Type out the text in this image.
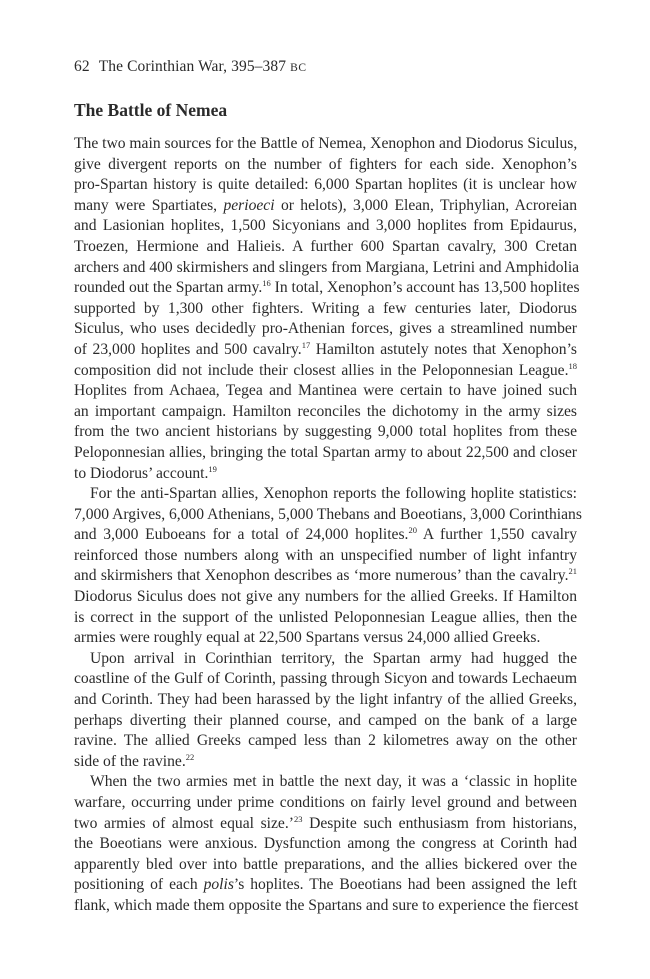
62 The Corinthian War, 395–387 BC
The Battle of Nemea

The two main sources for the Battle of Nemea, Xenophon and Diodorus Siculus,
give divergent reports on the number of fighters for each side. Xenophon’s
pro-Spartan history is quite detailed: 6,000 Spartan hoplites (it is unclear how
many were Spartiates, perioeci or helots), 3,000 Elean, Triphylian, Acroreian
and Lasionian hoplites, 1,500 Sicyonians and 3,000 hoplites from Epidaurus,
Troezen, Hermione and Halieis. A further 600 Spartan cavalry, 300 Cretan
archers and 400 skirmishers and slingers from Margiana, Letrini and Amphidolia
rounded out the Spartan army.$^{16}$ In total, Xenophon’s account has 13,500 hoplites
supported by 1,300 other fighters. Writing a few centuries later, Diodorus
Siculus, who uses decidedly pro-Athenian forces, gives a streamlined number
of 23,000 hoplites and 500 cavalry.$^{17}$ Hamilton astutely notes that Xenophon’s
composition did not include their closest allies in the Peloponnesian League.$^{18}$
Hoplites from Achaea, Tegea and Mantinea were certain to have joined such
an important campaign. Hamilton reconciles the dichotomy in the army sizes
from the two ancient historians by suggesting 9,000 total hoplites from these
Peloponnesian allies, bringing the total Spartan army to about 22,500 and closer
to Diodorus’ account.$^{19}$

For the anti-Spartan allies, Xenophon reports the following hoplite statistics:
7,000 Argives, 6,000 Athenians, 5,000 Thebans and Boeotians, 3,000 Corinthians
and 3,000 Euboeans for a total of 24,000 hoplites.$^{20}$ A further 1,550 cavalry
reinforced those numbers along with an unspecified number of light infantry
and skirmishers that Xenophon describes as ‘more numerous’ than the cavalry.$^{21}$
Diodorus Siculus does not give any numbers for the allied Greeks. If Hamilton
is correct in the support of the unlisted Peloponnesian League allies, then the
armies were roughly equal at 22,500 Spartans versus 24,000 allied Greeks.

Upon arrival in Corinthian territory, the Spartan army had hugged the
coastline of the Gulf of Corinth, passing through Sicyon and towards Lechaeum
and Corinth. They had been harassed by the light infantry of the allied Greeks,
perhaps diverting their planned course, and camped on the bank of a large
ravine. The allied Greeks camped less than 2 kilometres away on the other
side of the ravine.$^{22}$

When the two armies met in battle the next day, it was a ‘classic in hoplite
warfare, occurring under prime conditions on fairly level ground and between
two armies of almost equal size.’$^{23}$ Despite such enthusiasm from historians,
the Boeotians were anxious. Dysfunction among the congress at Corinth had
apparently bled over into battle preparations, and the allies bickered over the
positioning of each polis’s hoplites. The Boeotians had been assigned the left
flank, which made them opposite the Spartans and sure to experience the fiercest
